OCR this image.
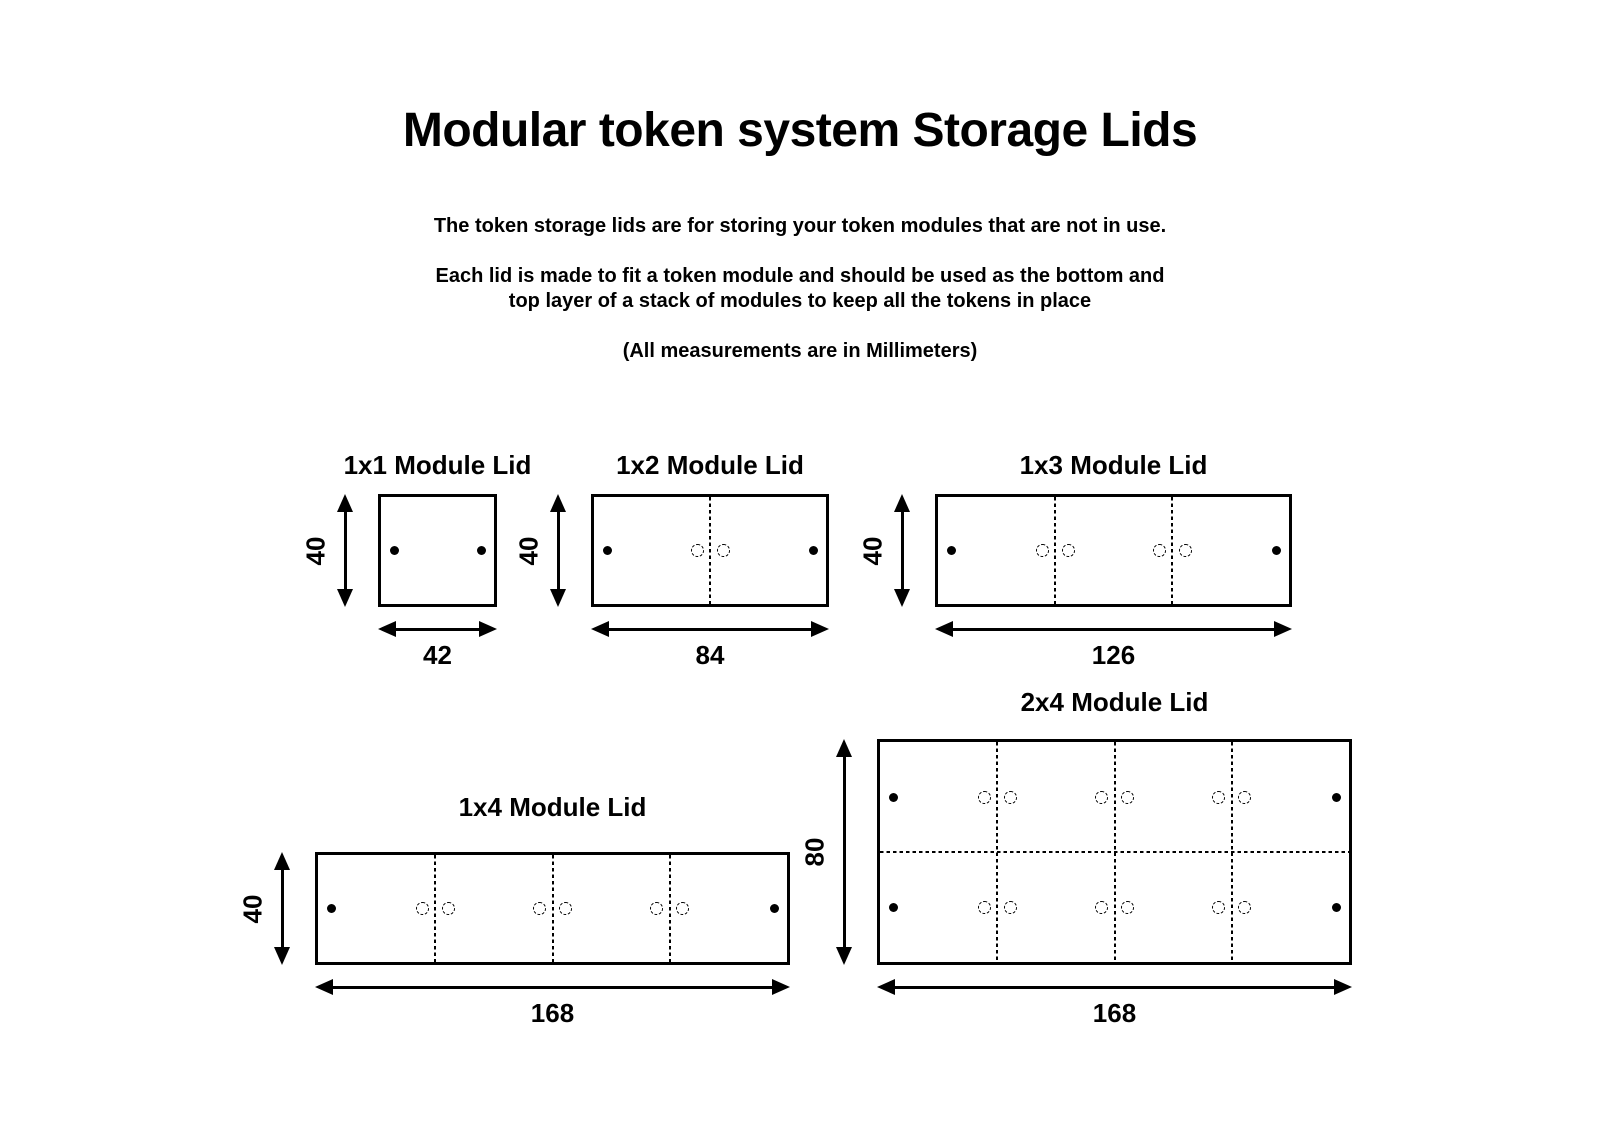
Modular token system Storage Lids

The token storage lids are for storing your token modules that are not in use.

Each lid is made to fit a token module and should be used as the bottom and
top layer of a stack of modules to keep all the tokens in place

(All measurements are in Millimeters)

1x1 Module Lid
40
42
1x2 Module Lid
40
84
1x3 Module Lid
40
126
1x4 Module Lid
40
168
2x4 Module Lid
80
168
